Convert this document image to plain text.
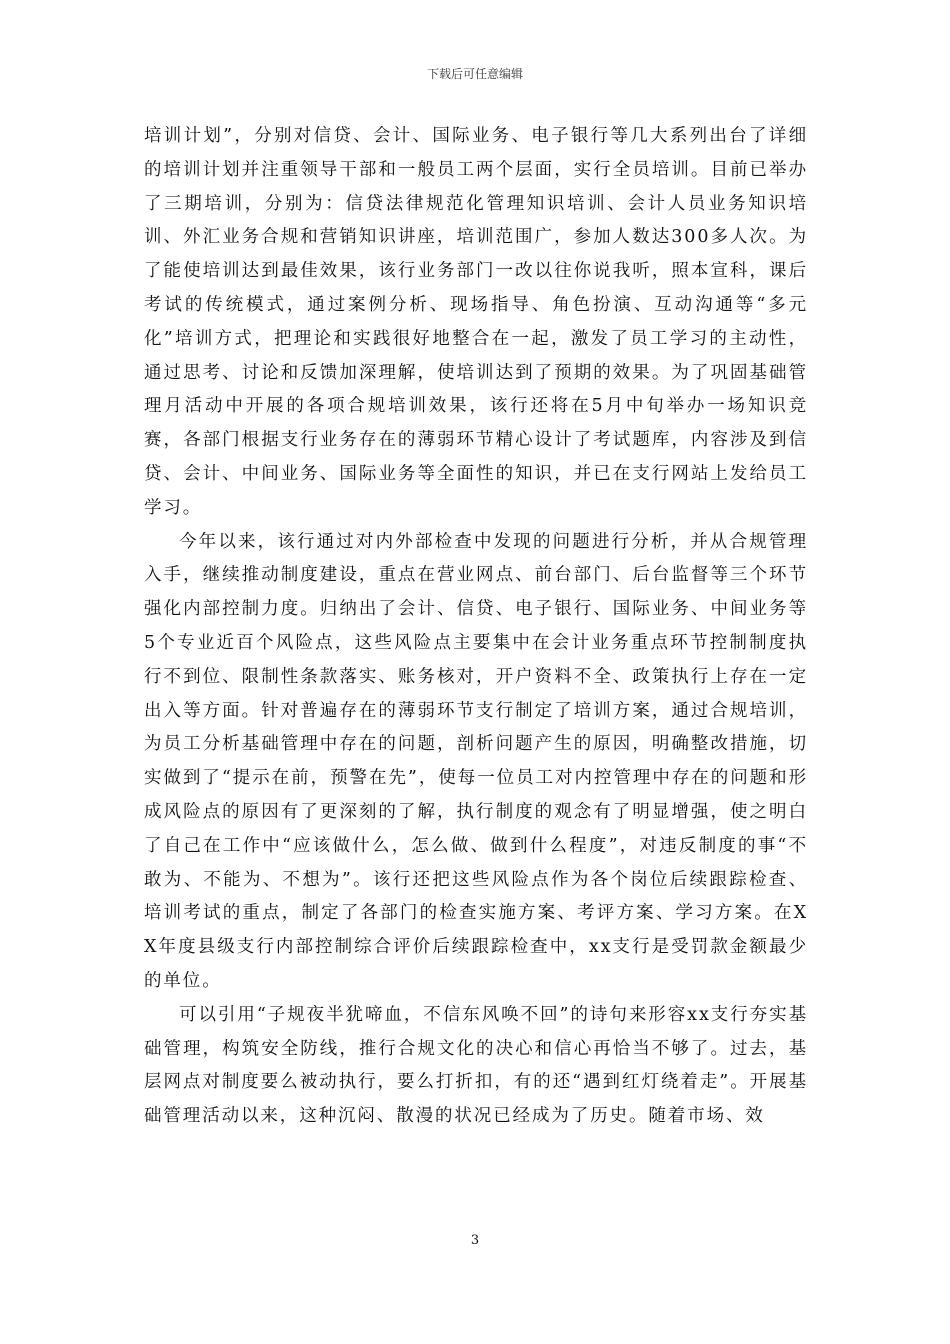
下载后可任意编辑

培训计划”，分别对信贷、会计、国际业务、电子银行等几大系列出台了详细的培训计划并注重领导干部和一般员工两个层面，实行全员培训。目前已举办了三期培训，分别为：信贷法律规范化管理知识培训、会计人员业务知识培训、外汇业务合规和营销知识讲座，培训范围广，参加人数达300多人次。为了能使培训达到最佳效果，该行业务部门一改以往你说我听，照本宣科，课后考试的传统模式，通过案例分析、现场指导、角色扮演、互动沟通等“多元化”培训方式，把理论和实践很好地整合在一起，激发了员工学习的主动性，通过思考、讨论和反馈加深理解，使培训达到了预期的效果。为了巩固基础管理月活动中开展的各项合规培训效果，该行还将在5月中旬举办一场知识竞赛，各部门根据支行业务存在的薄弱环节精心设计了考试题库，内容涉及到信贷、会计、中间业务、国际业务等全面性的知识，并已在支行网站上发给员工学习。

今年以来，该行通过对内外部检查中发现的问题进行分析，并从合规管理入手，继续推动制度建设，重点在营业网点、前台部门、后台监督等三个环节强化内部控制力度。归纳出了会计、信贷、电子银行、国际业务、中间业务等5个专业近百个风险点，这些风险点主要集中在会计业务重点环节控制制度执行不到位、限制性条款落实、账务核对，开户资料不全、政策执行上存在一定出入等方面。针对普遍存在的薄弱环节支行制定了培训方案，通过合规培训，为员工分析基础管理中存在的问题，剖析问题产生的原因，明确整改措施，切实做到了“提示在前，预警在先”，使每一位员工对内控管理中存在的问题和形成风险点的原因有了更深刻的了解，执行制度的观念有了明显增强，使之明白了自己在工作中“应该做什么，怎么做、做到什么程度”，对违反制度的事“不敢为、不能为、不想为”。该行还把这些风险点作为各个岗位后续跟踪检查、培训考试的重点，制定了各部门的检查实施方案、考评方案、学习方案。在XX年度县级支行内部控制综合评价后续跟踪检查中，xx支行是受罚款金额最少的单位。

可以引用“子规夜半犹啼血，不信东风唤不回”的诗句来形容xx支行夯实基础管理，构筑安全防线，推行合规文化的决心和信心再恰当不够了。过去，基层网点对制度要么被动执行，要么打折扣，有的还“遇到红灯绕着走”。开展基础管理活动以来，这种沉闷、散漫的状况已经成为了历史。随着市场、效

3
